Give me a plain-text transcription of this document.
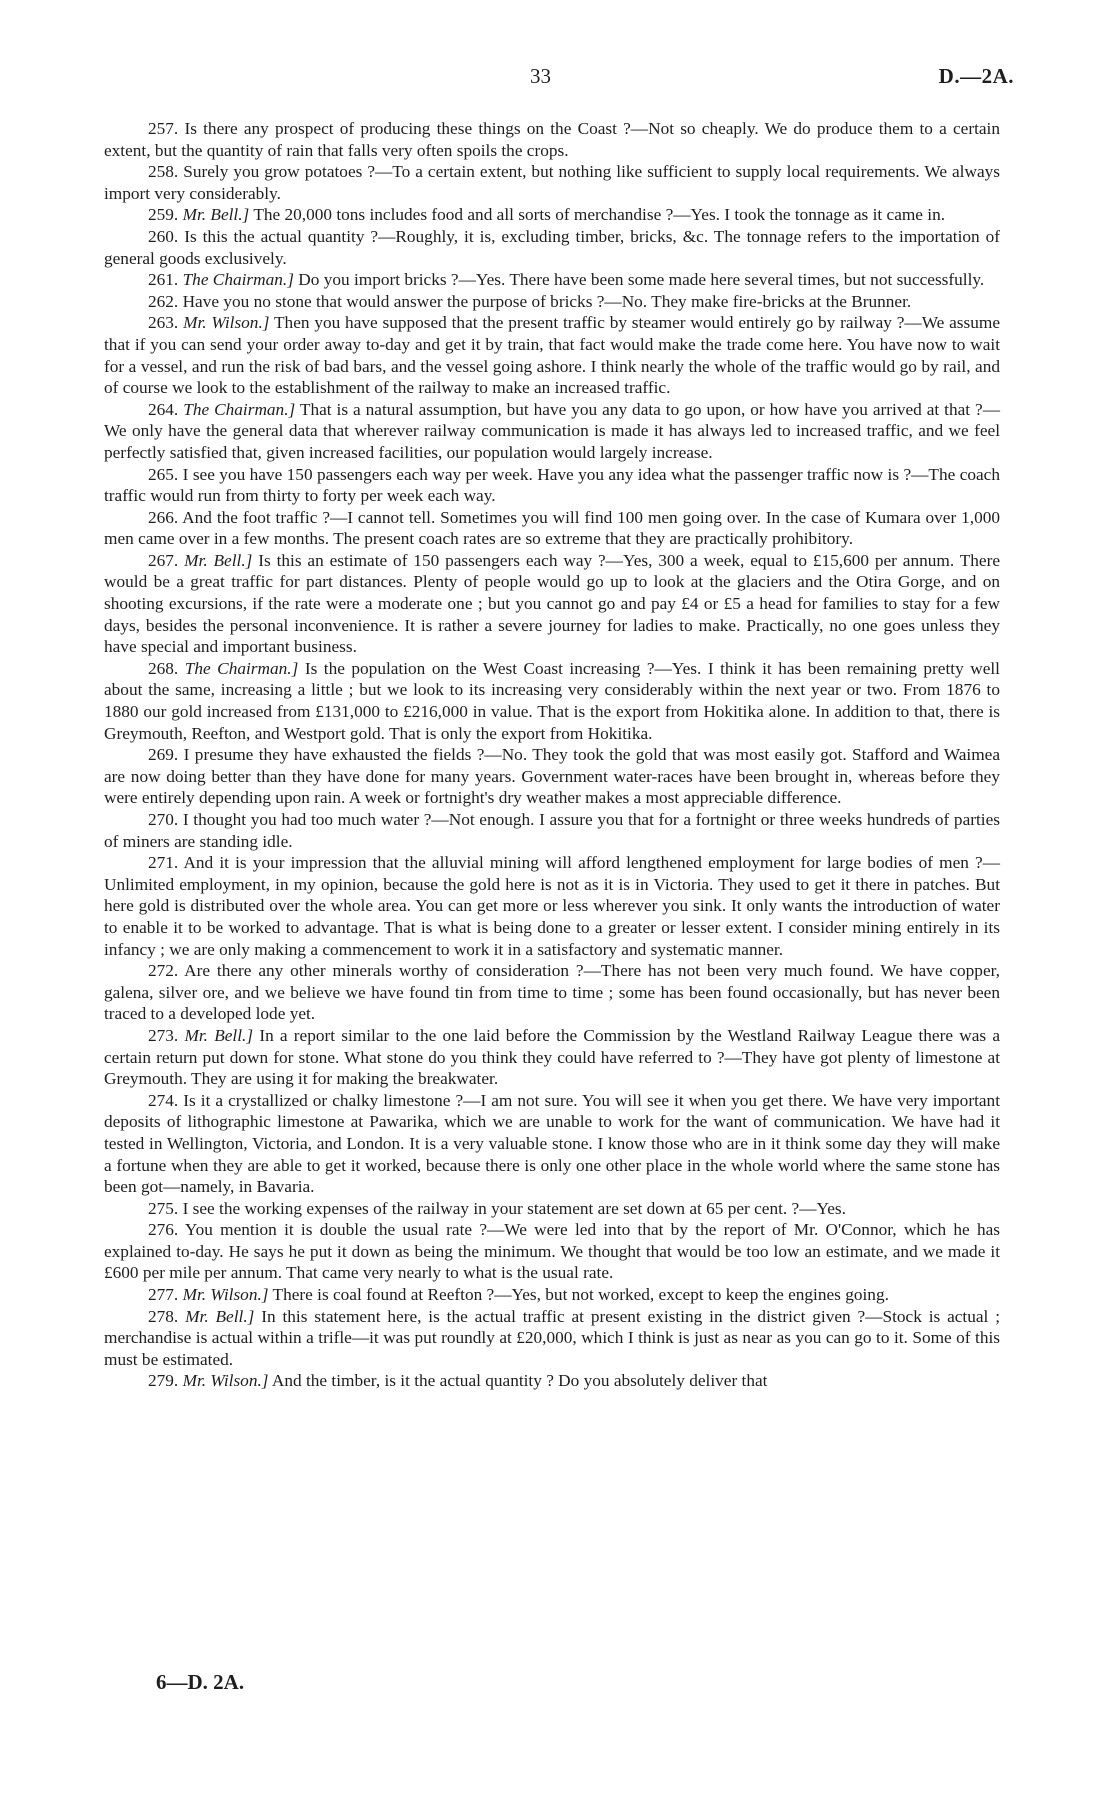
33	D.—2A.

257. Is there any prospect of producing these things on the Coast ?—Not so cheaply. We do produce them to a certain extent, but the quantity of rain that falls very often spoils the crops.

258. Surely you grow potatoes ?—To a certain extent, but nothing like sufficient to supply local requirements. We always import very considerably.

259. Mr. Bell.] The 20,000 tons includes food and all sorts of merchandise ?—Yes. I took the tonnage as it came in.

260. Is this the actual quantity ?—Roughly, it is, excluding timber, bricks, &c. The tonnage refers to the importation of general goods exclusively.

261. The Chairman.] Do you import bricks ?—Yes. There have been some made here several times, but not successfully.

262. Have you no stone that would answer the purpose of bricks ?—No. They make fire-bricks at the Brunner.

263. Mr. Wilson.] Then you have supposed that the present traffic by steamer would entirely go by railway ?—We assume that if you can send your order away to-day and get it by train, that fact would make the trade come here. You have now to wait for a vessel, and run the risk of bad bars, and the vessel going ashore. I think nearly the whole of the traffic would go by rail, and of course we look to the establishment of the railway to make an increased traffic.

264. The Chairman.] That is a natural assumption, but have you any data to go upon, or how have you arrived at that ?—We only have the general data that wherever railway communication is made it has always led to increased traffic, and we feel perfectly satisfied that, given increased facilities, our population would largely increase.

265. I see you have 150 passengers each way per week. Have you any idea what the passenger traffic now is ?—The coach traffic would run from thirty to forty per week each way.

266. And the foot traffic ?—I cannot tell. Sometimes you will find 100 men going over. In the case of Kumara over 1,000 men came over in a few months. The present coach rates are so extreme that they are practically prohibitory.

267. Mr. Bell.] Is this an estimate of 150 passengers each way ?—Yes, 300 a week, equal to £15,600 per annum. There would be a great traffic for part distances. Plenty of people would go up to look at the glaciers and the Otira Gorge, and on shooting excursions, if the rate were a moderate one ; but you cannot go and pay £4 or £5 a head for families to stay for a few days, besides the personal inconvenience. It is rather a severe journey for ladies to make. Practically, no one goes unless they have special and important business.

268. The Chairman.] Is the population on the West Coast increasing ?—Yes. I think it has been remaining pretty well about the same, increasing a little ; but we look to its increasing very considerably within the next year or two. From 1876 to 1880 our gold increased from £131,000 to £216,000 in value. That is the export from Hokitika alone. In addition to that, there is Greymouth, Reefton, and Westport gold. That is only the export from Hokitika.

269. I presume they have exhausted the fields ?—No. They took the gold that was most easily got. Stafford and Waimea are now doing better than they have done for many years. Government water-races have been brought in, whereas before they were entirely depending upon rain. A week or fortnight's dry weather makes a most appreciable difference.

270. I thought you had too much water ?—Not enough. I assure you that for a fortnight or three weeks hundreds of parties of miners are standing idle.

271. And it is your impression that the alluvial mining will afford lengthened employment for large bodies of men ?—Unlimited employment, in my opinion, because the gold here is not as it is in Victoria. They used to get it there in patches. But here gold is distributed over the whole area. You can get more or less wherever you sink. It only wants the introduction of water to enable it to be worked to advantage. That is what is being done to a greater or lesser extent. I consider mining entirely in its infancy ; we are only making a commencement to work it in a satisfactory and systematic manner.

272. Are there any other minerals worthy of consideration ?—There has not been very much found. We have copper, galena, silver ore, and we believe we have found tin from time to time ; some has been found occasionally, but has never been traced to a developed lode yet.

273. Mr. Bell.] In a report similar to the one laid before the Commission by the Westland Railway League there was a certain return put down for stone. What stone do you think they could have referred to ?—They have got plenty of limestone at Greymouth. They are using it for making the breakwater.

274. Is it a crystallized or chalky limestone ?—I am not sure. You will see it when you get there. We have very important deposits of lithographic limestone at Pawarika, which we are unable to work for the want of communication. We have had it tested in Wellington, Victoria, and London. It is a very valuable stone. I know those who are in it think some day they will make a fortune when they are able to get it worked, because there is only one other place in the whole world where the same stone has been got—namely, in Bavaria.

275. I see the working expenses of the railway in your statement are set down at 65 per cent. ?—Yes.

276. You mention it is double the usual rate ?—We were led into that by the report of Mr. O'Connor, which he has explained to-day. He says he put it down as being the minimum. We thought that would be too low an estimate, and we made it £600 per mile per annum. That came very nearly to what is the usual rate.

277. Mr. Wilson.] There is coal found at Reefton ?—Yes, but not worked, except to keep the engines going.

278. Mr. Bell.] In this statement here, is the actual traffic at present existing in the district given ?—Stock is actual ; merchandise is actual within a trifle—it was put roundly at £20,000, which I think is just as near as you can go to it. Some of this must be estimated.

279. Mr. Wilson.] And the timber, is it the actual quantity ? Do you absolutely deliver that

6—D. 2A.
